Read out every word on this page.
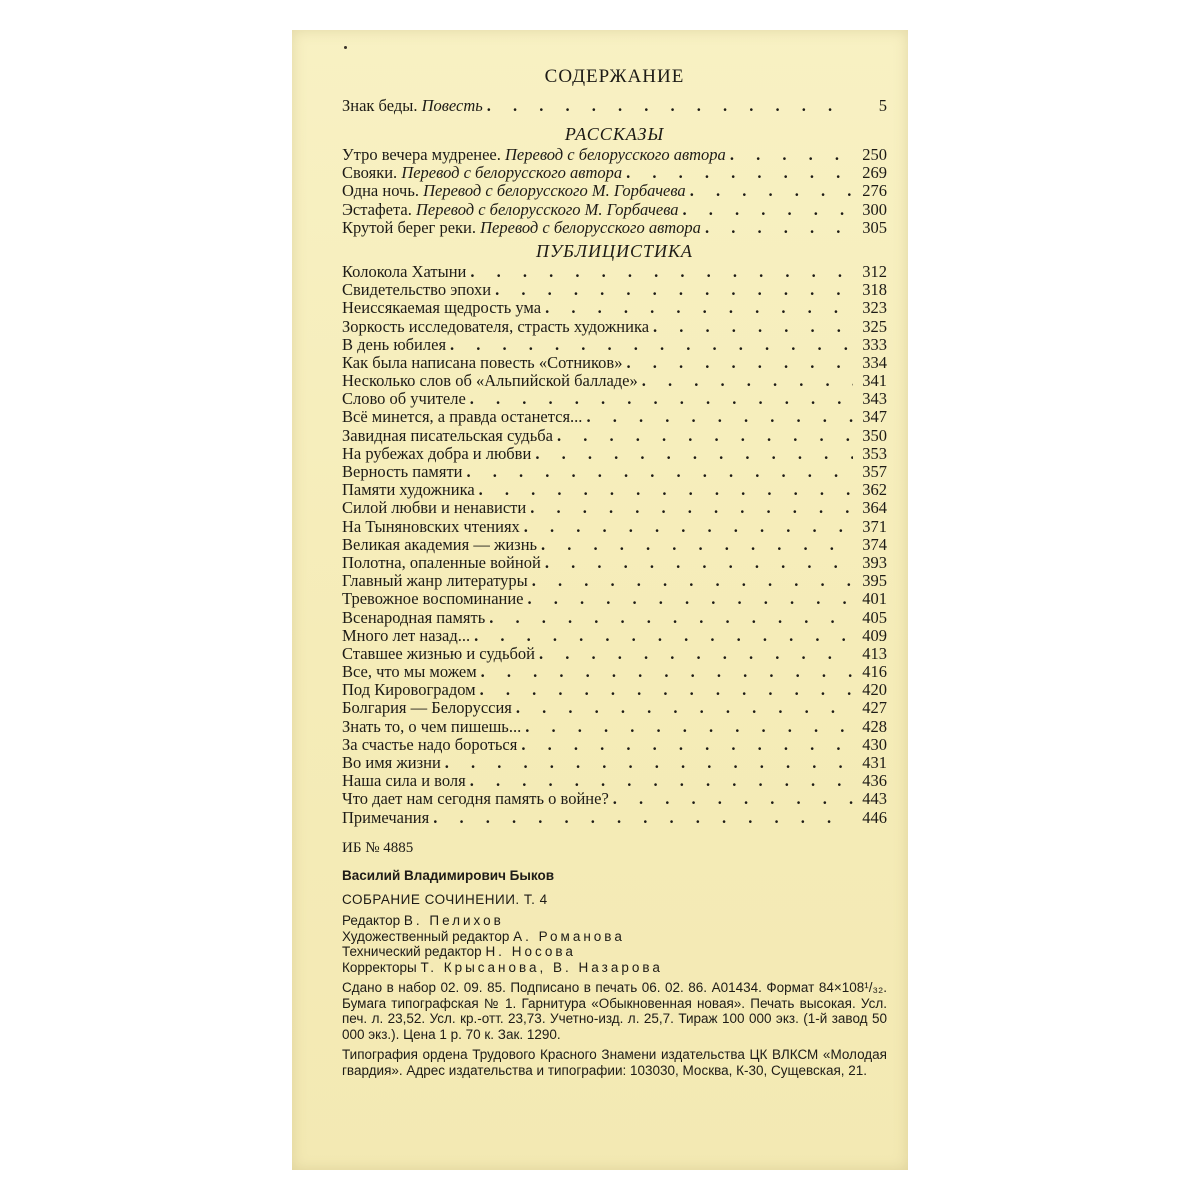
СОДЕРЖАНИЕ
Знак беды. Повесть . . .	5
РАССКАЗЫ
Утро вечера мудренее. Перевод с белорусского автора . . .	250
Свояки. Перевод с белорусского автора . . .	269
Одна ночь. Перевод с белорусского М. Горбачева . . .	276
Эстафета. Перевод с белорусского М. Горбачева . . .	300
Крутой берег реки. Перевод с белорусского автора . . .	305
ПУБЛИЦИСТИКА
Колокола Хатыни . . .	312
Свидетельство эпохи . . .	318
Неиссякаемая щедрость ума . . .	323
Зоркость исследователя, страсть художника . . .	325
В день юбилея . . .	333
Как была написана повесть «Сотников» . . .	334
Несколько слов об «Альпийской балладе» . . .	341
Слово об учителе . . .	343
Всё минется, а правда останется... . . .	347
Завидная писательская судьба . . .	350
На рубежах добра и любви . . .	353
Верность памяти . . .	357
Памяти художника . . .	362
Силой любви и ненависти . . .	364
На Тыняновских чтениях . . .	371
Великая академия — жизнь . . .	374
Полотна, опаленные войной . . .	393
Главный жанр литературы . . .	395
Тревожное воспоминание . . .	401
Всенародная память . . .	405
Много лет назад... . . .	409
Ставшее жизнью и судьбой . . .	413
Все, что мы можем . . .	416
Под Кировоградом . . .	420
Болгария — Белоруссия . . .	427
Знать то, о чем пишешь... . . .	428
За счастье надо бороться . . .	430
Во имя жизни . . .	431
Наша сила и воля . . .	436
Что дает нам сегодня память о войне? . . .	443
Примечания . . .	446
ИБ № 4885
Василий Владимирович Быков
СОБРАНИЕ СОЧИНЕНИИ. Т. 4
Редактор В. Пелихов
Художественный редактор А. Романова
Технический редактор Н. Носова
Корректоры Т. Крысанова, В. Назарова
Сдано в набор 02. 09. 85. Подписано в печать 06. 02. 86. А01434. Формат 84×108¹/₃₂. Бумага типографская № 1. Гарнитура «Обыкновенная новая». Печать высокая. Усл. печ. л. 23,52. Усл. кр.-отт. 23,73. Учетно-изд. л. 25,7. Тираж 100 000 экз. (1-й завод 50 000 экз.). Цена 1 р. 70 к. Зак. 1290.
Типография ордена Трудового Красного Знамени издательства ЦК ВЛКСМ «Молодая гвардия». Адрес издательства и типографии: 103030, Москва, К-30, Сущевская, 21.
